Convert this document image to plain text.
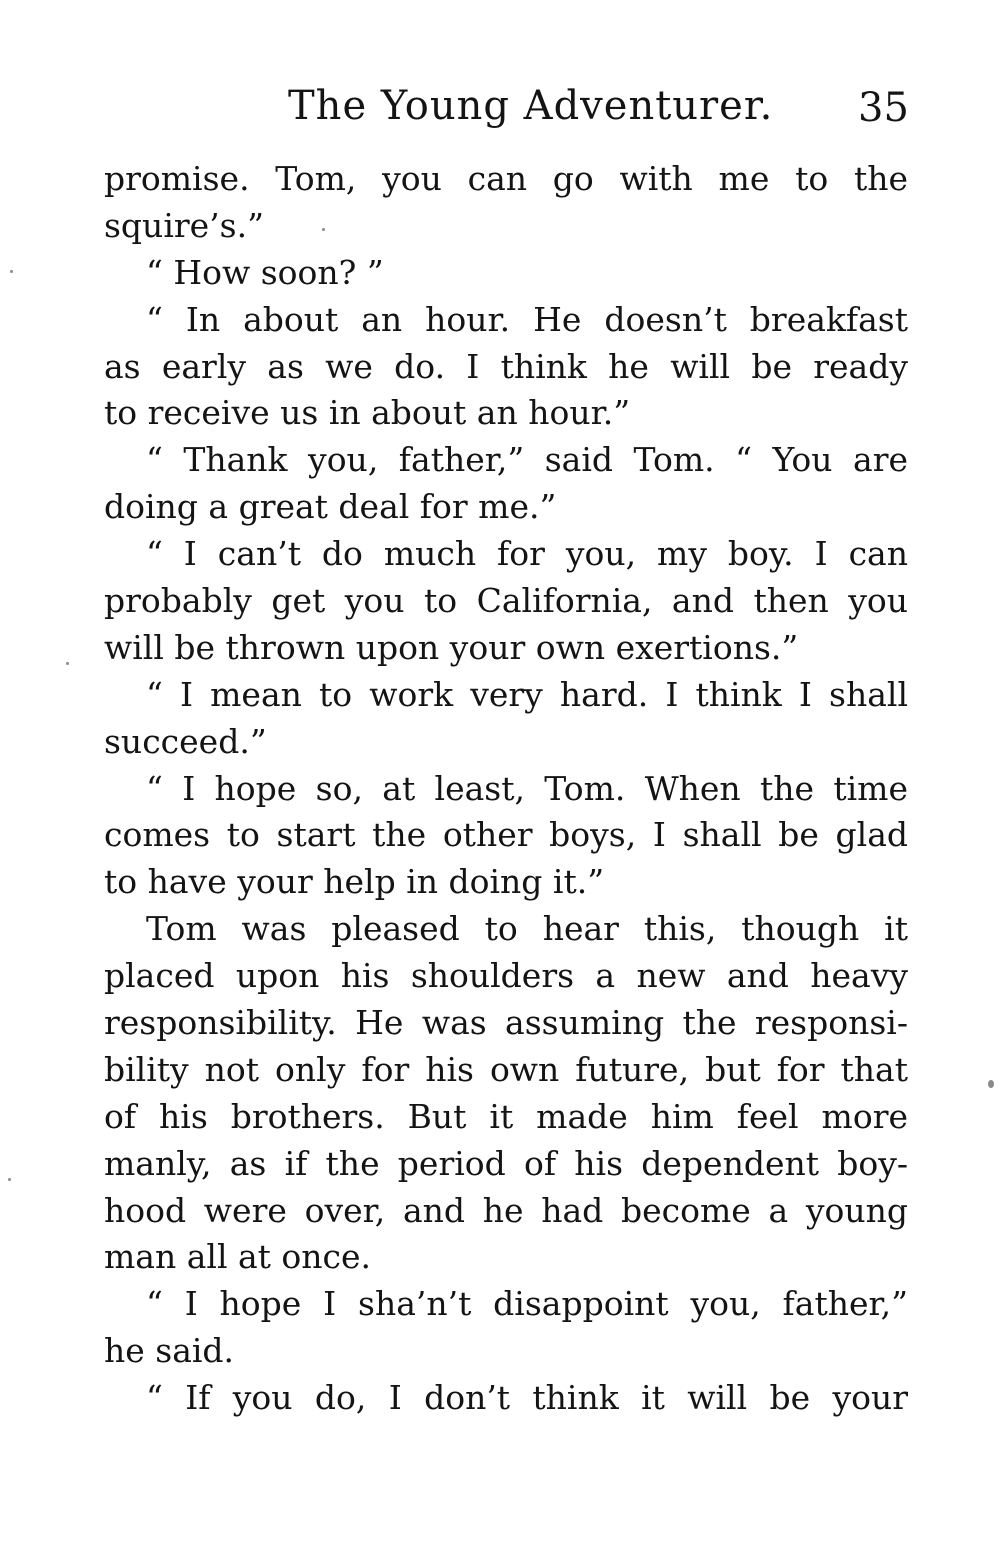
The Young Adventurer. 35
promise. Tom, you can go with me to the
squire’s.”
“ How soon? ”
“ In about an hour. He doesn’t breakfast
as early as we do. I think he will be ready
to receive us in about an hour.”
“ Thank you, father,” said Tom. “ You are
doing a great deal for me.”
“ I can’t do much for you, my boy. I can
probably get you to California, and then you
will be thrown upon your own exertions.”
“ I mean to work very hard. I think I shall
succeed.”
“ I hope so, at least, Tom. When the time
comes to start the other boys, I shall be glad
to have your help in doing it.”
Tom was pleased to hear this, though it
placed upon his shoulders a new and heavy
responsibility. He was assuming the responsi-
bility not only for his own future, but for that
of his brothers. But it made him feel more
manly, as if the period of his dependent boy-
hood were over, and he had become a young
man all at once.
“ I hope I sha’n’t disappoint you, father,”
he said.
“ If you do, I don’t think it will be your
